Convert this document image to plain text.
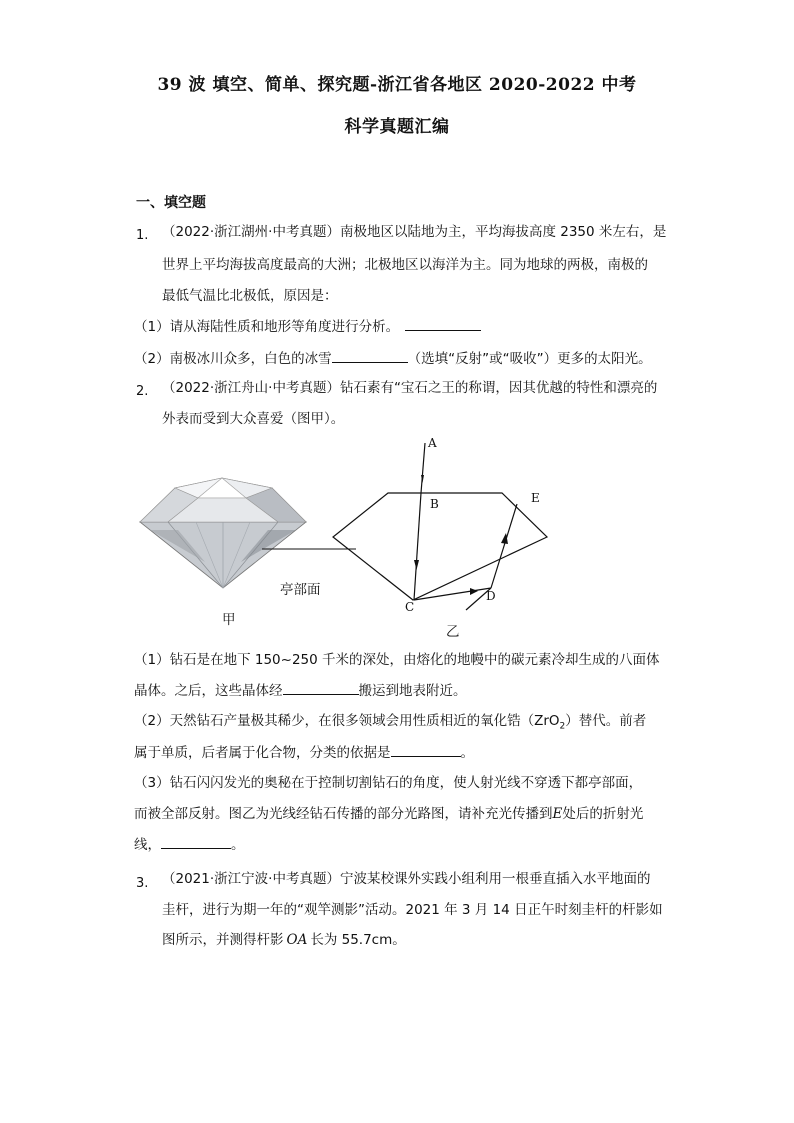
39 波 填空、简单、探究题-浙江省各地区 2020-2022 中考
科学真题汇编
一、填空题
1. （2022·浙江湖州·中考真题）南极地区以陆地为主，平均海拔高度 2350 米左右，是
世界上平均海拔高度最高的大洲；北极地区以海洋为主。同为地球的两极，南极的
最低气温比北极低，原因是：
（1）请从海陆性质和地形等角度进行分析。
（2）南极冰川众多，白色的冰雪	（选填“反射”或“吸收”）更多的太阳光。
2. （2022·浙江舟山·中考真题）钻石素有“宝石之王的称谓，因其优越的特性和漂亮的
外表而受到大众喜爱（图甲）。
A
B	E
C
D
亭部面
甲
乙
（1）钻石是在地下 150~250 千米的深处，由熔化的地幔中的碳元素冷却生成的八面体
晶体。之后，这些晶体经	搬运到地表附近。
（2）天然钻石产量极其稀少，在很多领域会用性质相近的氧化锆（ZrO$_2$）替代。前者
属于单质，后者属于化合物，分类的依据是	。
（3）钻石闪闪发光的奥秘在于控制切割钻石的角度，使人射光线不穿透下都亭部面，
而被全部反射。图乙为光线经钻石传播的部分光路图，请补充光传播到E处后的折射光
线，	。
3. （2021·浙江宁波·中考真题）宁波某校课外实践小组利用一根垂直插入水平地面的
圭杆，进行为期一年的“观竿测影”活动。2021 年 3 月 14 日正午时刻圭杆的杆影如
图所示，并测得杆影 OA 长为 55.7cm。
